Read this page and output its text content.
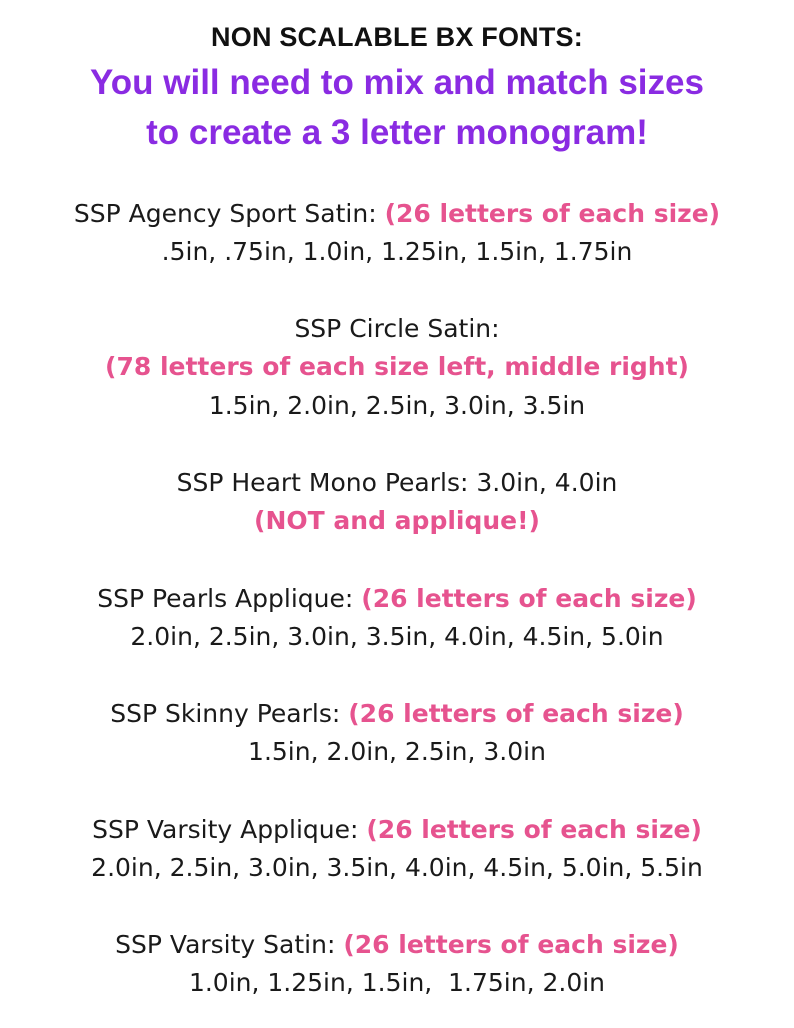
NON SCALABLE BX FONTS:
You will need to mix and match sizes
to create a 3 letter monogram!
SSP Agency Sport Satin: (26 letters of each size)
.5in, .75in, 1.0in, 1.25in, 1.5in, 1.75in
SSP Circle Satin:
(78 letters of each size left, middle right)
1.5in, 2.0in, 2.5in, 3.0in, 3.5in
SSP Heart Mono Pearls: 3.0in, 4.0in
(NOT and applique!)
SSP Pearls Applique: (26 letters of each size)
2.0in, 2.5in, 3.0in, 3.5in, 4.0in, 4.5in, 5.0in
SSP Skinny Pearls: (26 letters of each size)
1.5in, 2.0in, 2.5in, 3.0in
SSP Varsity Applique: (26 letters of each size)
2.0in, 2.5in, 3.0in, 3.5in, 4.0in, 4.5in, 5.0in, 5.5in
SSP Varsity Satin: (26 letters of each size)
1.0in, 1.25in, 1.5in,  1.75in, 2.0in
